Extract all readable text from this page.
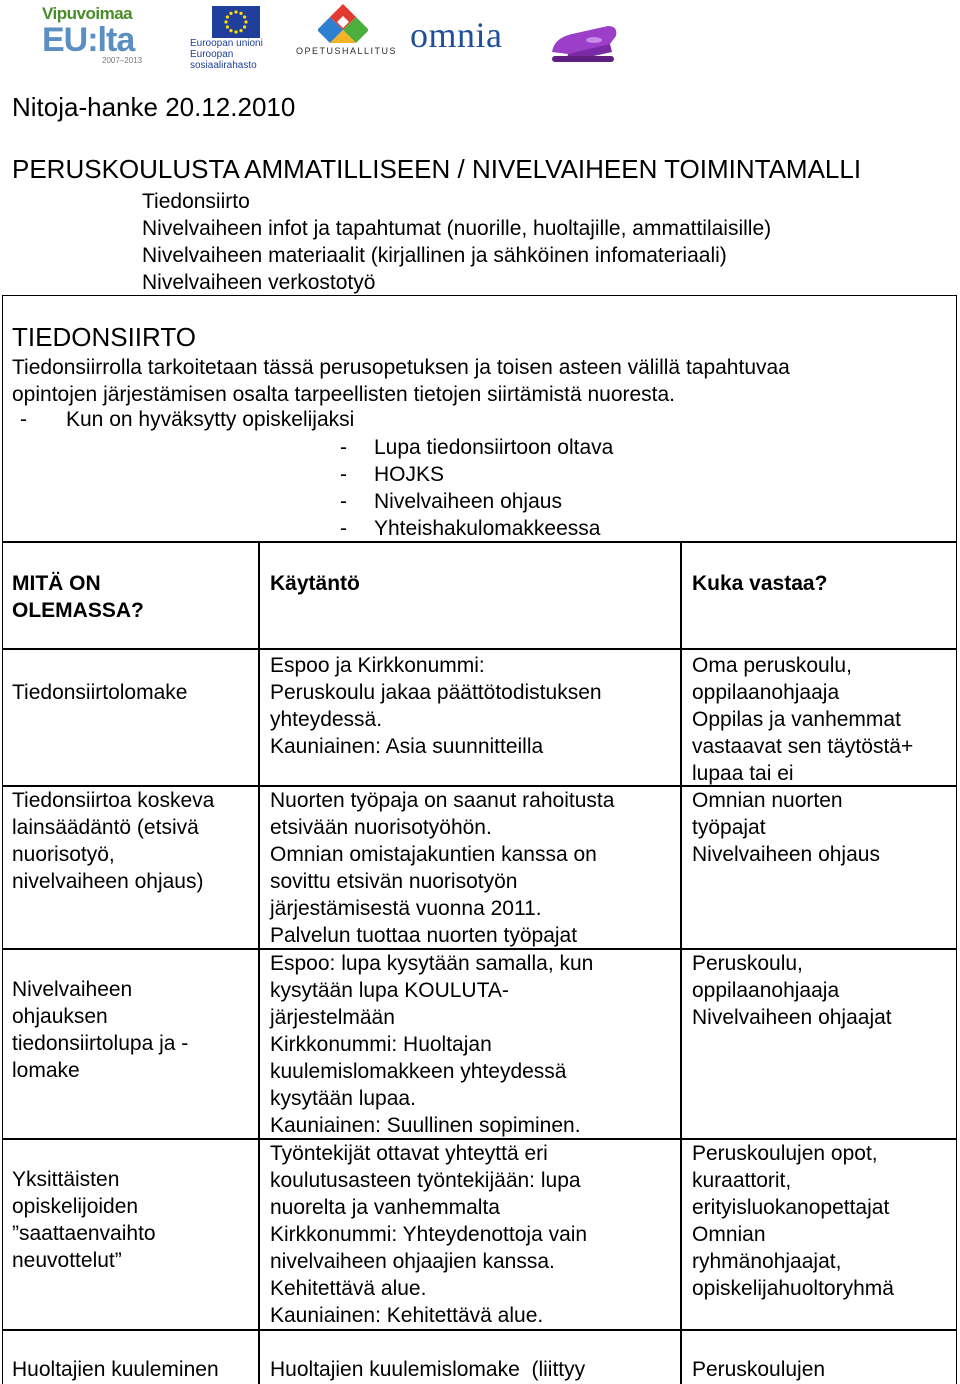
Vipuvoimaa
EU:lta
2007–2013
Euroopan unioni
Euroopan sosiaalirahasto
OPETUSHALLITUS omnia
Nitoja-hanke 20.12.2010
PERUSKOULUSTA AMMATILLISEEN / NIVELVAIHEEN TOIMINTAMALLI
Tiedonsiirto
Nivelvaiheen infot ja tapahtumat (nuorille, huoltajille, ammattilaisille)
Nivelvaiheen materiaalit (kirjallinen ja sähköinen infomateriaali)
Nivelvaiheen verkostotyö
TIEDONSIIRTO
Tiedonsiirrolla tarkoitetaan tässä perusopetuksen ja toisen asteen välillä tapahtuvaa
opintojen järjestämisen osalta tarpeellisten tietojen siirtämistä nuoresta.
- Kun on hyväksytty opiskelijaksi
- Lupa tiedonsiirtoon oltava
- HOJKS
- Nivelvaiheen ohjaus
- Yhteishakulomakkeessa
MITÄ ON
OLEMASSA?
Käytäntö	Kuka vastaa?
Tiedonsiirtolomake
Espoo ja Kirkkonummi:
Peruskoulu jakaa päättötodistuksen
yhteydessä.
Kauniainen: Asia suunnitteilla
Oma peruskoulu,
oppilaanohjaaja
Oppilas ja vanhemmat
vastaavat sen täytöstä+
lupaa tai ei
Tiedonsiirtoa koskeva
lainsäädäntö (etsivä
nuorisotyö,
nivelvaiheen ohjaus)
Nuorten työpaja on saanut rahoitusta
etsivään nuorisotyöhön.
Omnian omistajakuntien kanssa on
sovittu etsivän nuorisotyön
järjestämisestä vuonna 2011.
Palvelun tuottaa nuorten työpajat
Omnian nuorten
työpajat
Nivelvaiheen ohjaus
Nivelvaiheen
ohjauksen
tiedonsiirtolupa ja -
lomake
Espoo: lupa kysytään samalla, kun
kysytään lupa KOULUTA-
järjestelmään
Kirkkonummi: Huoltajan
kuulemislomakkeen yhteydessä
kysytään lupaa.
Kauniainen: Suullinen sopiminen.
Peruskoulu,
oppilaanohjaaja
Nivelvaiheen ohjaajat
Yksittäisten
opiskelijoiden
”saattaenvaihto
neuvottelut”
Työntekijät ottavat yhteyttä eri
koulutusasteen työntekijään: lupa
nuorelta ja vanhemmalta
Kirkkonummi: Yhteydenottoja vain
nivelvaiheen ohjaajien kanssa.
Kehitettävä alue.
Kauniainen: Kehitettävä alue.
Peruskoulujen opot,
kuraattorit,
erityisluokanopettajat
Omnian
ryhmänohjaajat,
opiskelijahuoltoryhmä
Huoltajien kuuleminen Huoltajien kuulemislomake  (liittyy	Peruskoulujen
